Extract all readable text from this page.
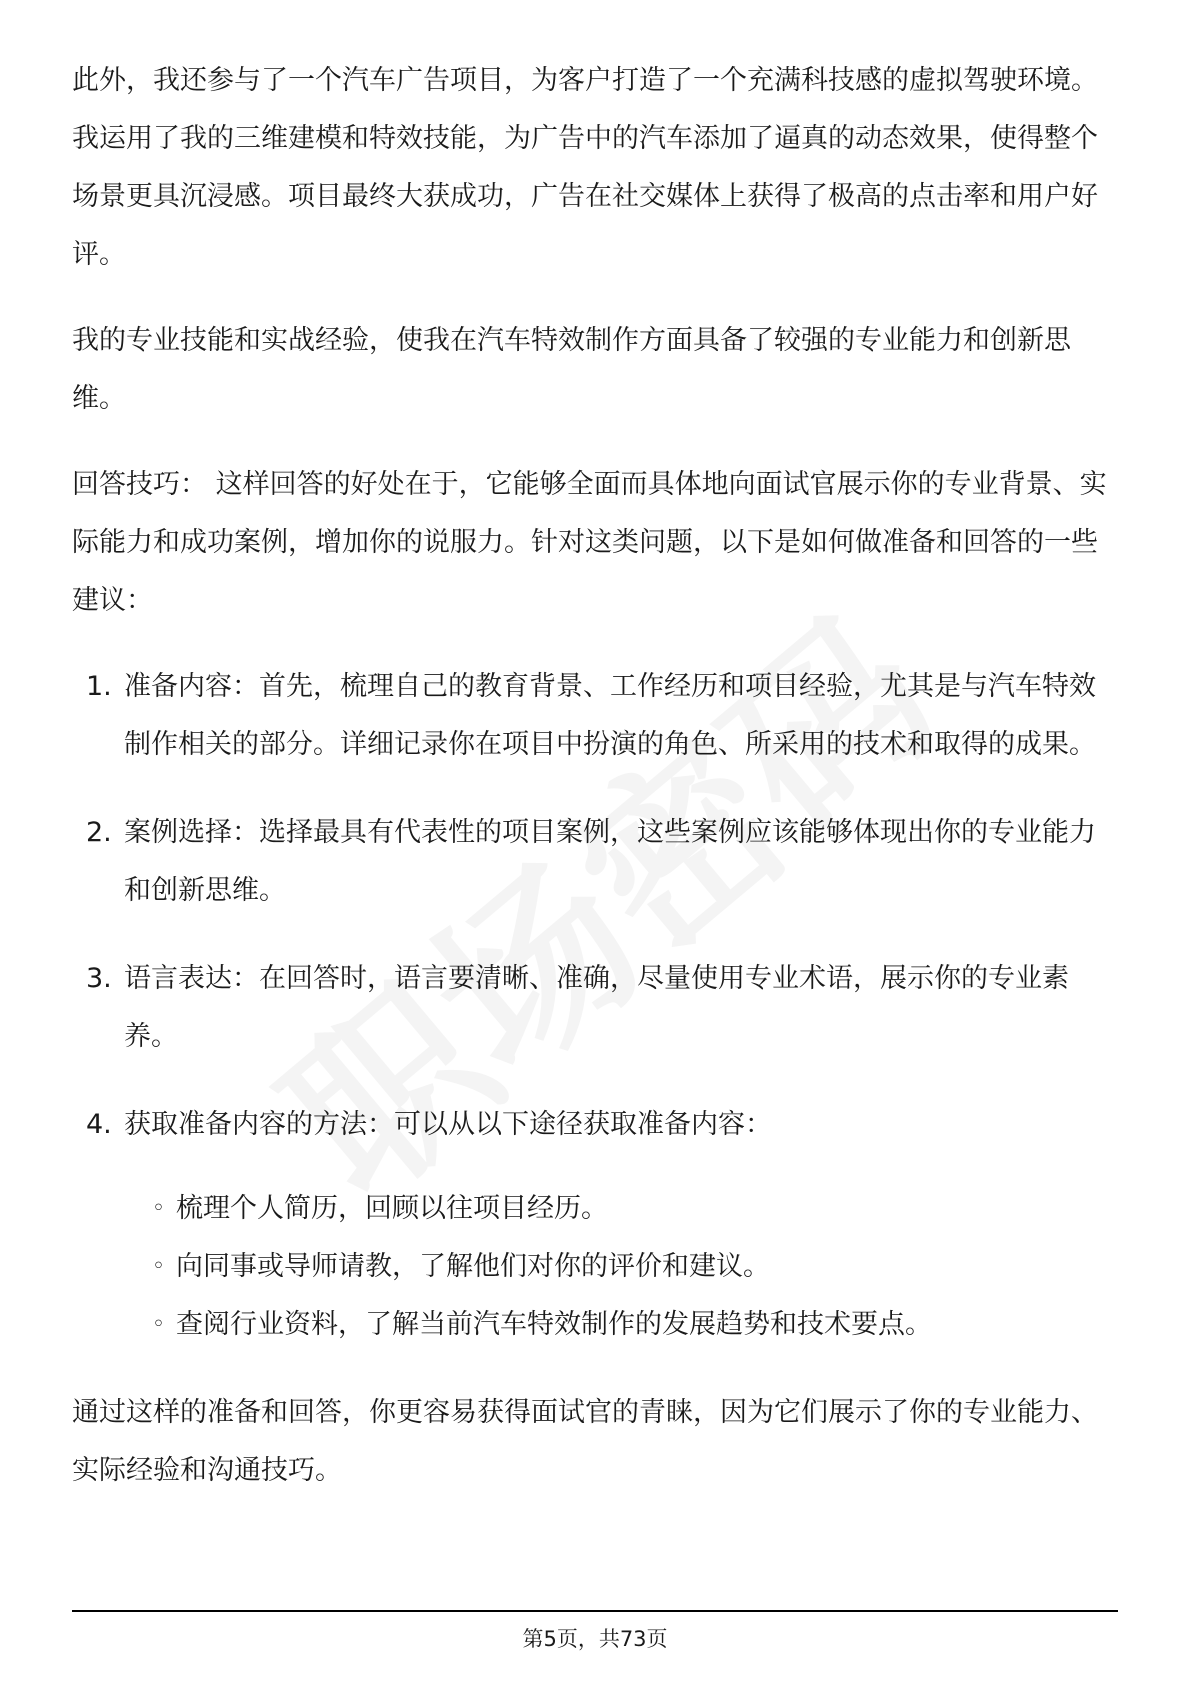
此外，我还参与了一个汽车广告项目，为客户打造了一个充满科技感的虚拟驾驶环境。我运用了我的三维建模和特效技能，为广告中的汽车添加了逼真的动态效果，使得整个场景更具沉浸感。项目最终大获成功，广告在社交媒体上获得了极高的点击率和用户好评。

我的专业技能和实战经验，使我在汽车特效制作方面具备了较强的专业能力和创新思维。

回答技巧： 这样回答的好处在于，它能够全面而具体地向面试官展示你的专业背景、实际能力和成功案例，增加你的说服力。针对这类问题，以下是如何做准备和回答的一些建议：

1. 准备内容：首先，梳理自己的教育背景、工作经历和项目经验，尤其是与汽车特效制作相关的部分。详细记录你在项目中扮演的角色、所采用的技术和取得的成果。
2. 案例选择：选择最具有代表性的项目案例，这些案例应该能够体现出你的专业能力和创新思维。
3. 语言表达：在回答时，语言要清晰、准确，尽量使用专业术语，展示你的专业素养。
4. 获取准备内容的方法：可以从以下途径获取准备内容：
◦ 梳理个人简历，回顾以往项目经历。
◦ 向同事或导师请教，了解他们对你的评价和建议。
◦ 查阅行业资料，了解当前汽车特效制作的发展趋势和技术要点。

通过这样的准备和回答，你更容易获得面试官的青睐，因为它们展示了你的专业能力、实际经验和沟通技巧。

第5页，共73页
